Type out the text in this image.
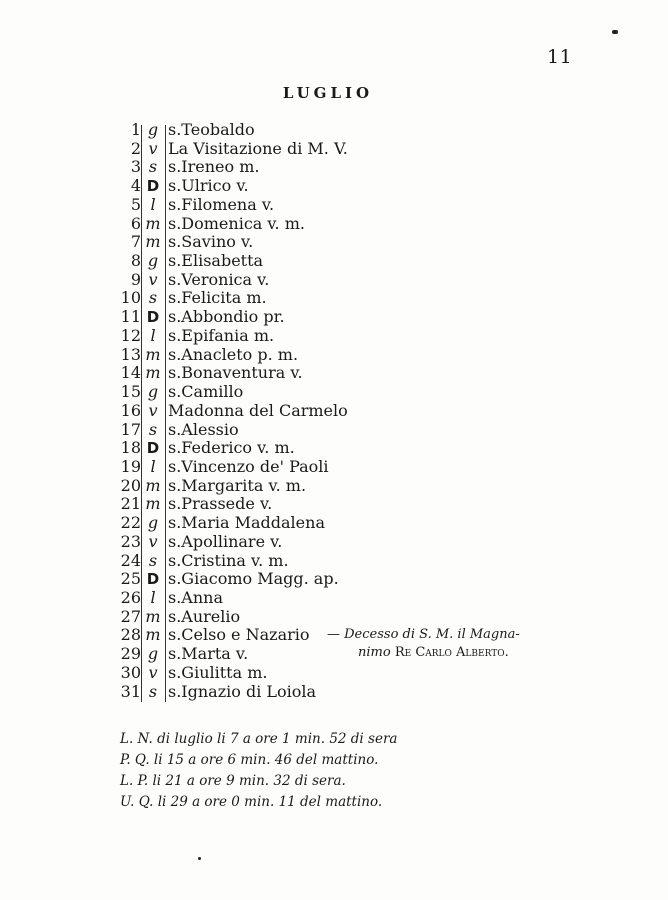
11
LUGLIO
1 g s.Teobaldo
2 v La Visitazione di M. V.
3 s s.Ireneo m.
4 D s.Ulrico v.
5 l s.Filomena v.
6 m s.Domenica v. m.
7 m s.Savino v.
8 g s.Elisabetta
9 v s.Veronica v.
10 s s.Felicita m.
11 D s.Abbondio pr.
12 l s.Epifania m.
13 m s.Anacleto p. m.
14 m s.Bonaventura v.
15 g s.Camillo
16 v Madonna del Carmelo
17 s s.Alessio
18 D s.Federico v. m.
19 l s.Vincenzo de' Paoli
20 m s.Margarita v. m.
21 m s.Prassede v.
22 g s.Maria Maddalena
23 v s.Apollinare v.
24 s s.Cristina v. m.
25 D s.Giacomo Magg. ap.
26 l s.Anna
27 m s.Aurelio
28 m s.Celso e Nazario
29 g s.Marta v.
30 v s.Giulitta m.
31 s s.Ignazio di Loiola
— Decesso di S. M. il Magna-
nimo Re Carlo Alberto.
L. N. di luglio li 7 a ore 1 min. 52 di sera
P. Q. li 15 a ore 6 min. 46 del mattino.
L. P. li 21 a ore 9 min. 32 di sera.
U. Q. li 29 a ore 0 min. 11 del mattino.
